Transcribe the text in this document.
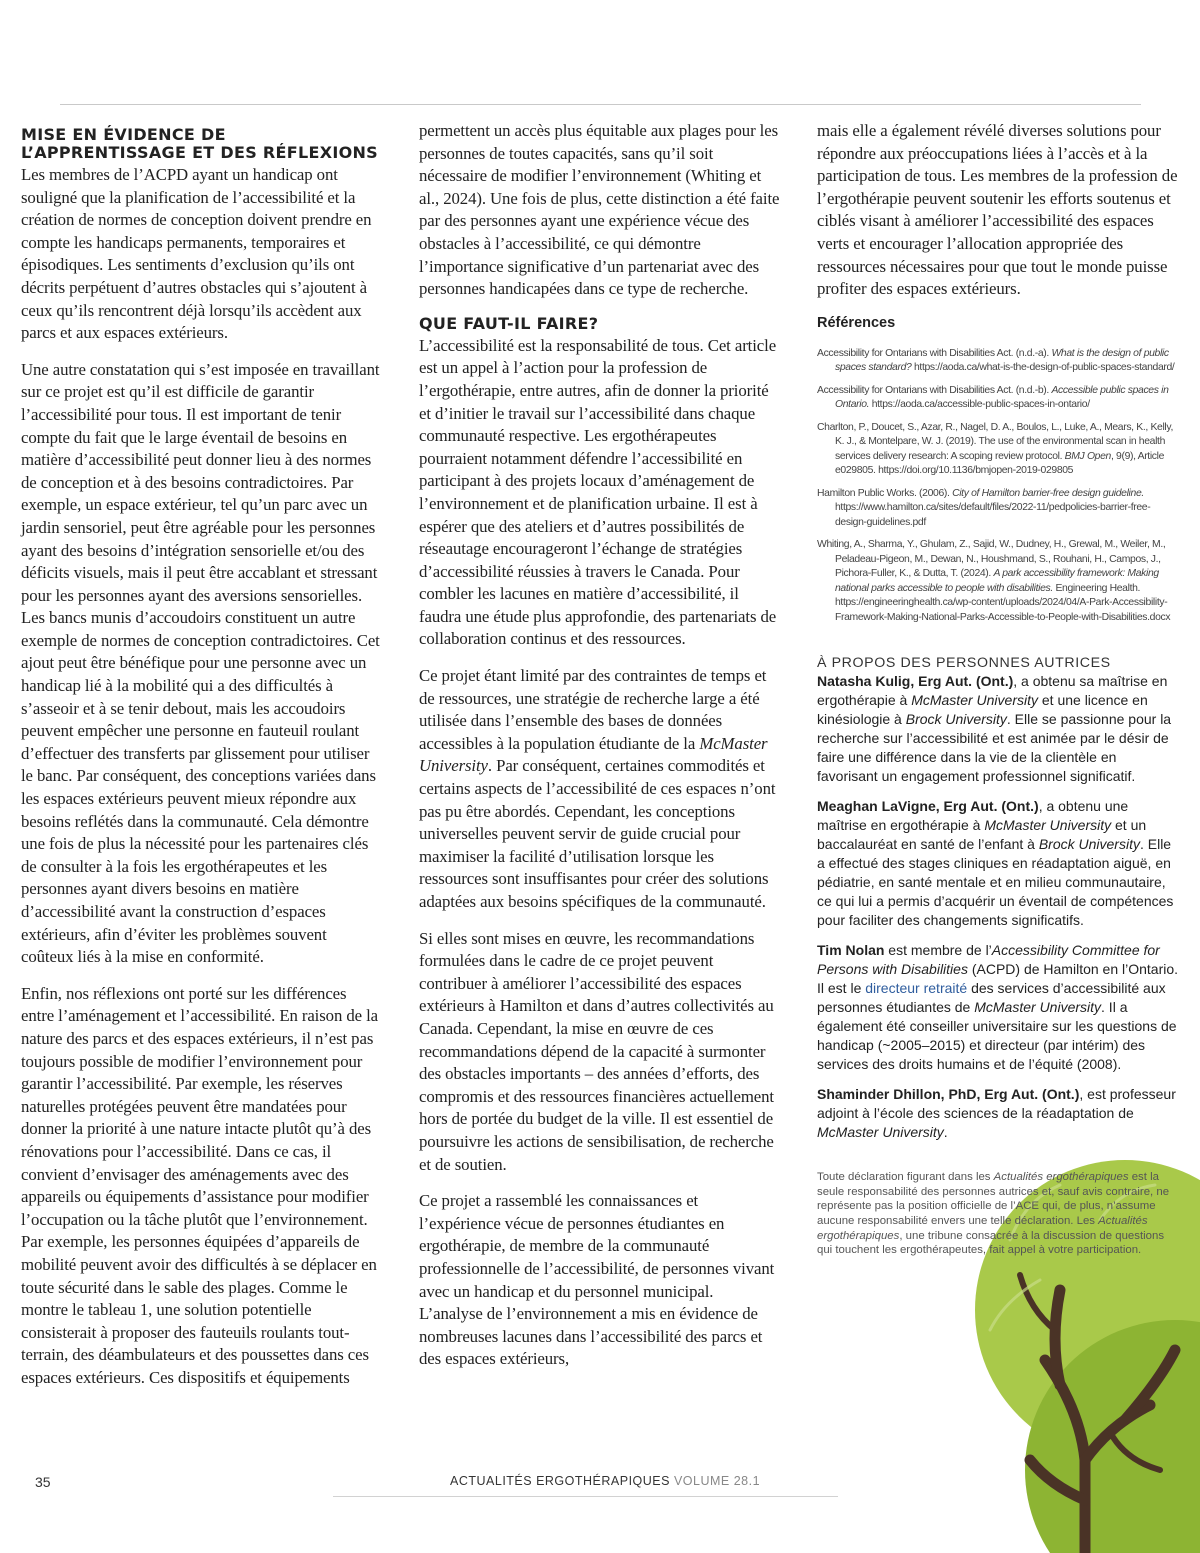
MISE EN ÉVIDENCE DE L’APPRENTISSAGE ET DES RÉFLEXIONS

Les membres de l’ACPD ayant un handicap ont souligné que la planification de l’accessibilité et la création de normes de conception doivent prendre en compte les handicaps permanents, temporaires et épisodiques. Les sentiments d’exclusion qu’ils ont décrits perpétuent d’autres obstacles qui s’ajoutent à ceux qu’ils rencontrent déjà lorsqu’ils accèdent aux parcs et aux espaces extérieurs.

Une autre constatation qui s’est imposée en travaillant sur ce projet est qu’il est difficile de garantir l’accessibilité pour tous. Il est important de tenir compte du fait que le large éventail de besoins en matière d’accessibilité peut donner lieu à des normes de conception et à des besoins contradictoires. Par exemple, un espace extérieur, tel qu’un parc avec un jardin sensoriel, peut être agréable pour les personnes ayant des besoins d’intégration sensorielle et/ou des déficits visuels, mais il peut être accablant et stressant pour les personnes ayant des aversions sensorielles. Les bancs munis d’accoudoirs constituent un autre exemple de normes de conception contradictoires. Cet ajout peut être bénéfique pour une personne avec un handicap lié à la mobilité qui a des difficultés à s’asseoir et à se tenir debout, mais les accoudoirs peuvent empêcher une personne en fauteuil roulant d’effectuer des transferts par glissement pour utiliser le banc. Par conséquent, des conceptions variées dans les espaces extérieurs peuvent mieux répondre aux besoins reflétés dans la communauté. Cela démontre une fois de plus la nécessité pour les partenaires clés de consulter à la fois les ergothérapeutes et les personnes ayant divers besoins en matière d’accessibilité avant la construction d’espaces extérieurs, afin d’éviter les problèmes souvent coûteux liés à la mise en conformité.

Enfin, nos réflexions ont porté sur les différences entre l’aménagement et l’accessibilité. En raison de la nature des parcs et des espaces extérieurs, il n’est pas toujours possible de modifier l’environnement pour garantir l’accessibilité. Par exemple, les réserves naturelles protégées peuvent être mandatées pour donner la priorité à une nature intacte plutôt qu’à des rénovations pour l’accessibilité. Dans ce cas, il convient d’envisager des aménagements avec des appareils ou équipements d’assistance pour modifier l’occupation ou la tâche plutôt que l’environnement. Par exemple, les personnes équipées d’appareils de mobilité peuvent avoir des difficultés à se déplacer en toute sécurité dans le sable des plages. Comme le montre le tableau 1, une solution potentielle consisterait à proposer des fauteuils roulants tout-terrain, des déambulateurs et des poussettes dans ces espaces extérieurs. Ces dispositifs et équipements

permettent un accès plus équitable aux plages pour les personnes de toutes capacités, sans qu’il soit nécessaire de modifier l’environnement (Whiting et al., 2024). Une fois de plus, cette distinction a été faite par des personnes ayant une expérience vécue des obstacles à l’accessibilité, ce qui démontre l’importance significative d’un partenariat avec des personnes handicapées dans ce type de recherche.

QUE FAUT-IL FAIRE?

L’accessibilité est la responsabilité de tous. Cet article est un appel à l’action pour la profession de l’ergothérapie, entre autres, afin de donner la priorité et d’initier le travail sur l’accessibilité dans chaque communauté respective. Les ergothérapeutes pourraient notamment défendre l’accessibilité en participant à des projets locaux d’aménagement de l’environnement et de planification urbaine. Il est à espérer que des ateliers et d’autres possibilités de réseautage encourageront l’échange de stratégies d’accessibilité réussies à travers le Canada. Pour combler les lacunes en matière d’accessibilité, il faudra une étude plus approfondie, des partenariats de collaboration continus et des ressources.

Ce projet étant limité par des contraintes de temps et de ressources, une stratégie de recherche large a été utilisée dans l’ensemble des bases de données accessibles à la population étudiante de la McMaster University. Par conséquent, certaines commodités et certains aspects de l’accessibilité de ces espaces n’ont pas pu être abordés. Cependant, les conceptions universelles peuvent servir de guide crucial pour maximiser la facilité d’utilisation lorsque les ressources sont insuffisantes pour créer des solutions adaptées aux besoins spécifiques de la communauté.

Si elles sont mises en œuvre, les recommandations formulées dans le cadre de ce projet peuvent contribuer à améliorer l’accessibilité des espaces extérieurs à Hamilton et dans d’autres collectivités au Canada. Cependant, la mise en œuvre de ces recommandations dépend de la capacité à surmonter des obstacles importants – des années d’efforts, des compromis et des ressources financières actuellement hors de portée du budget de la ville. Il est essentiel de poursuivre les actions de sensibilisation, de recherche et de soutien.

Ce projet a rassemblé les connaissances et l’expérience vécue de personnes étudiantes en ergothérapie, de membre de la communauté professionnelle de l’accessibilité, de personnes vivant avec un handicap et du personnel municipal. L’analyse de l’environnement a mis en évidence de nombreuses lacunes dans l’accessibilité des parcs et des espaces extérieurs,

mais elle a également révélé diverses solutions pour répondre aux préoccupations liées à l’accès et à la participation de tous. Les membres de la profession de l’ergothérapie peuvent soutenir les efforts soutenus et ciblés visant à améliorer l’accessibilité des espaces verts et encourager l’allocation appropriée des ressources nécessaires pour que tout le monde puisse profiter des espaces extérieurs.

Références
Accessibility for Ontarians with Disabilities Act. (n.d.-a). What is the design of public spaces standard? https://aoda.ca/what-is-the-design-of-public-spaces-standard/
Accessibility for Ontarians with Disabilities Act. (n.d.-b). Accessible public spaces in Ontario. https://aoda.ca/accessible-public-spaces-in-ontario/
Charlton, P., Doucet, S., Azar, R., Nagel, D. A., Boulos, L., Luke, A., Mears, K., Kelly, K. J., & Montelpare, W. J. (2019). The use of the environmental scan in health services delivery research: A scoping review protocol. BMJ Open, 9(9), Article e029805. https://doi.org/10.1136/bmjopen-2019-029805
Hamilton Public Works. (2006). City of Hamilton barrier-free design guideline. https://www.hamilton.ca/sites/default/files/2022-11/pedpolicies-barrier-free-design-guidelines.pdf
Whiting, A., Sharma, Y., Ghulam, Z., Sajid, W., Dudney, H., Grewal, M., Weiler, M., Peladeau-Pigeon, M., Dewan, N., Houshmand, S., Rouhani, H., Campos, J., Pichora-Fuller, K., & Dutta, T. (2024). A park accessibility framework: Making national parks accessible to people with disabilities. Engineering Health. https://engineeringhealth.ca/wp-content/uploads/2024/04/A-Park-Accessibility-Framework-Making-National-Parks-Accessible-to-People-with-Disabilities.docx
À PROPOS DES PERSONNES AUTRICES

Natasha Kulig, Erg Aut. (Ont.), a obtenu sa maîtrise en ergothérapie à McMaster University et une licence en kinésiologie à Brock University. Elle se passionne pour la recherche sur l’accessibilité et est animée par le désir de faire une différence dans la vie de la clientèle en favorisant un engagement professionnel significatif.

Meaghan LaVigne, Erg Aut. (Ont.), a obtenu une maîtrise en ergothérapie à McMaster University et un baccalauréat en santé de l’enfant à Brock University. Elle a effectué des stages cliniques en réadaptation aiguë, en pédiatrie, en santé mentale et en milieu communautaire, ce qui lui a permis d’acquérir un éventail de compétences pour faciliter des changements significatifs.

Tim Nolan est membre de l’Accessibility Committee for Persons with Disabilities (ACPD) de Hamilton en l’Ontario. Il est le directeur retraité des services d’accessibilité aux personnes étudiantes de McMaster University. Il a également été conseiller universitaire sur les questions de handicap (~2005–2015) et directeur (par intérim) des services des droits humains et de l’équité (2008).

Shaminder Dhillon, PhD, Erg Aut. (Ont.), est professeur adjoint à l’école des sciences de la réadaptation de McMaster University.

Toute déclaration figurant dans les Actualités ergothérapiques est la seule responsabilité des personnes autrices et, sauf avis contraire, ne représente pas la position officielle de l’ACE qui, de plus, n’assume aucune responsabilité envers une telle déclaration. Les Actualités ergothérapiques, une tribune consacrée à la discussion de questions qui touchent les ergothérapeutes, fait appel à votre participation.

35	ACTUALITÉS ERGOTHÉRAPIQUES VOLUME 28.1
